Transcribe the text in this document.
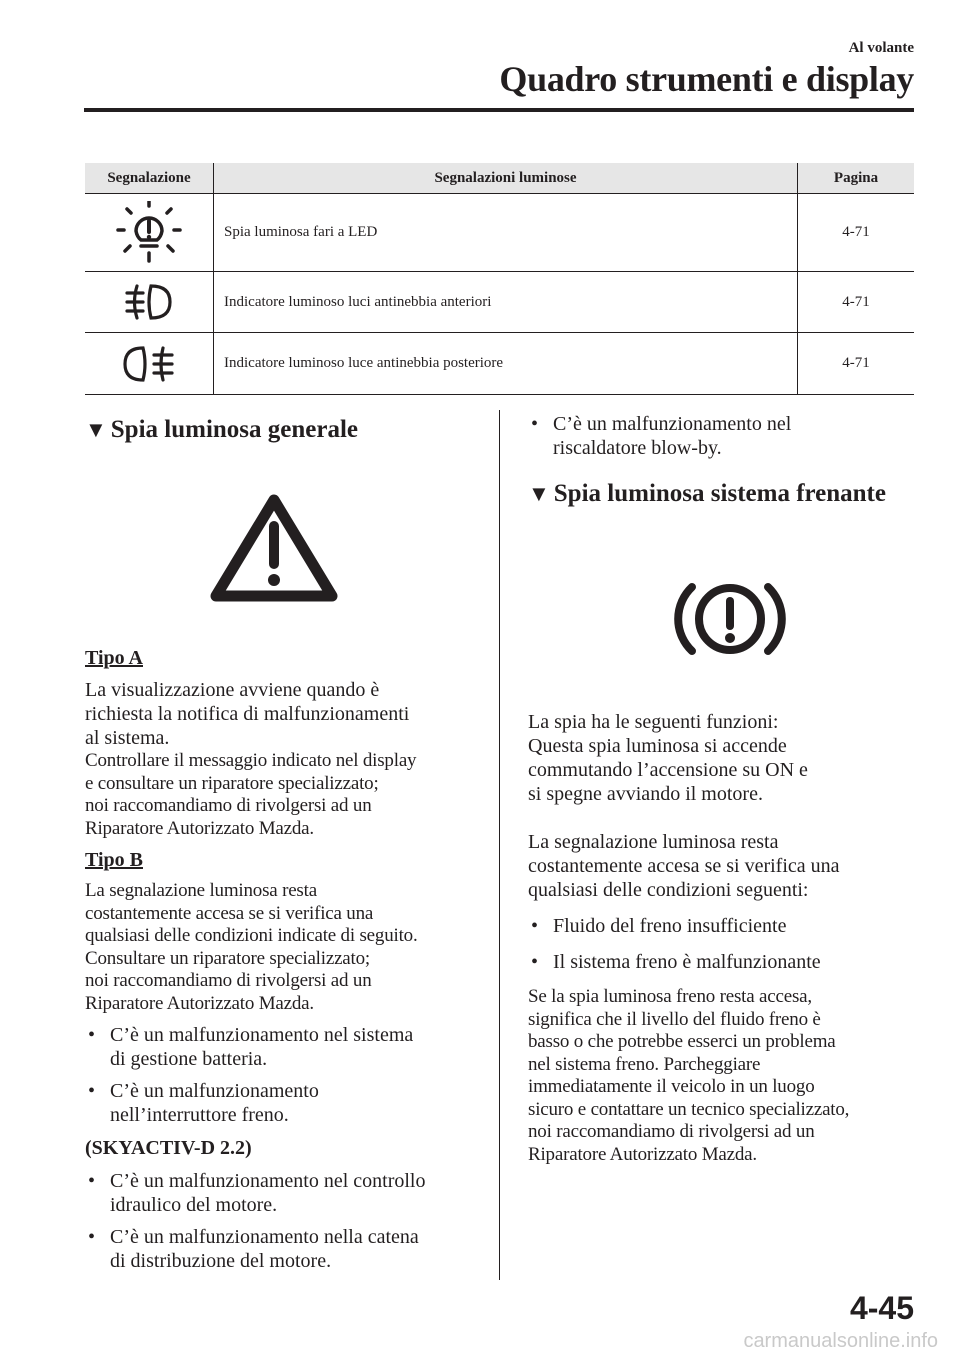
Al volante
Quadro strumenti e display
Segnalazione	Segnalazioni luminose	Pagina

	Spia luminosa fari a LED	4-71

	Indicatore luminoso luci antinebbia anteriori	4-71

	Indicatore luminoso luce antinebbia posteriore	4-71
▼ Spia luminosa generale

Tipo A

La visualizzazione avviene quando è

richiesta la notifica di malfunzionamenti

al sistema.

Controllare il messaggio indicato nel display

e consultare un riparatore specializzato;

noi raccomandiamo di rivolgersi ad un

Riparatore Autorizzato Mazda.

Tipo B

La segnalazione luminosa resta

costantemente accesa se si verifica una

qualsiasi delle condizioni indicate di seguito.

Consultare un riparatore specializzato;

noi raccomandiamo di rivolgersi ad un

Riparatore Autorizzato Mazda.

• C’è un malfunzionamento nel sistema
di gestione batteria.
• C’è un malfunzionamento
nell’interruttore freno.

(SKYACTIV-D 2.2)

• C’è un malfunzionamento nel controllo
idraulico del motore.
• C’è un malfunzionamento nella catena
di distribuzione del motore.
• C’è un malfunzionamento nel
riscaldatore blow-by.
▼ Spia luminosa sistema frenante

La spia ha le seguenti funzioni:

Questa spia luminosa si accende

commutando l’accensione su ON e

si spegne avviando il motore.

La segnalazione luminosa resta

costantemente accesa se si verifica una

qualsiasi delle condizioni seguenti:

• Fluido del freno insufficiente
• Il sistema freno è malfunzionante

Se la spia luminosa freno resta accesa,

significa che il livello del fluido freno è

basso o che potrebbe esserci un problema

nel sistema freno. Parcheggiare

immediatamente il veicolo in un luogo

sicuro e contattare un tecnico specializzato,

noi raccomandiamo di rivolgersi ad un

Riparatore Autorizzato Mazda.

4-45
carmanualsonline.info
